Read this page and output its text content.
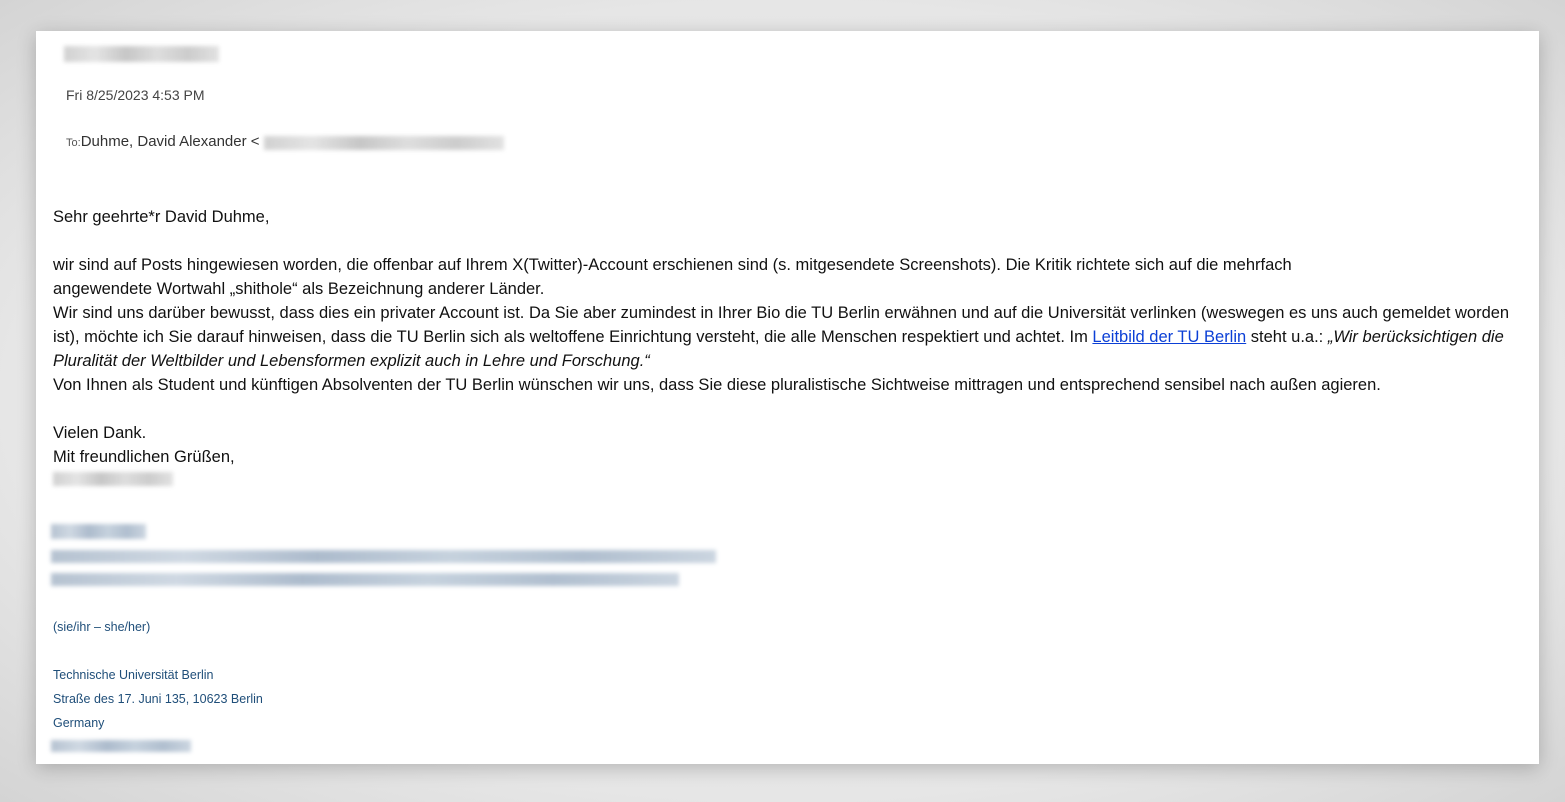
Fri 8/25/2023 4:53 PM
To:Duhme, David Alexander <

Sehr geehrte*r David Duhme,

wir sind auf Posts hingewiesen worden, die offenbar auf Ihrem X(Twitter)-Account erschienen sind (s. mitgesendete Screenshots). Die Kritik richtete sich auf die mehrfach
angewendete Wortwahl „shithole“ als Bezeichnung anderer Länder.

Wir sind uns darüber bewusst, dass dies ein privater Account ist. Da Sie aber zumindest in Ihrer Bio die TU Berlin erwähnen und auf die Universität verlinken (weswegen es uns auch gemeldet worden ist), möchte ich Sie darauf hinweisen, dass die TU Berlin sich als weltoffene Einrichtung versteht, die alle Menschen respektiert und achtet. Im Leitbild der TU Berlin steht u.a.: „Wir berücksichtigen die Pluralität der Weltbilder und Lebensformen explizit auch in Lehre und Forschung.“

Von Ihnen als Student und künftigen Absolventen der TU Berlin wünschen wir uns, dass Sie diese pluralistische Sichtweise mittragen und entsprechend sensibel nach außen agieren.

Vielen Dank.

Mit freundlichen Grüßen,

(sie/ihr – she/her)
Technische Universität Berlin
Straße des 17. Juni 135, 10623 Berlin
Germany
